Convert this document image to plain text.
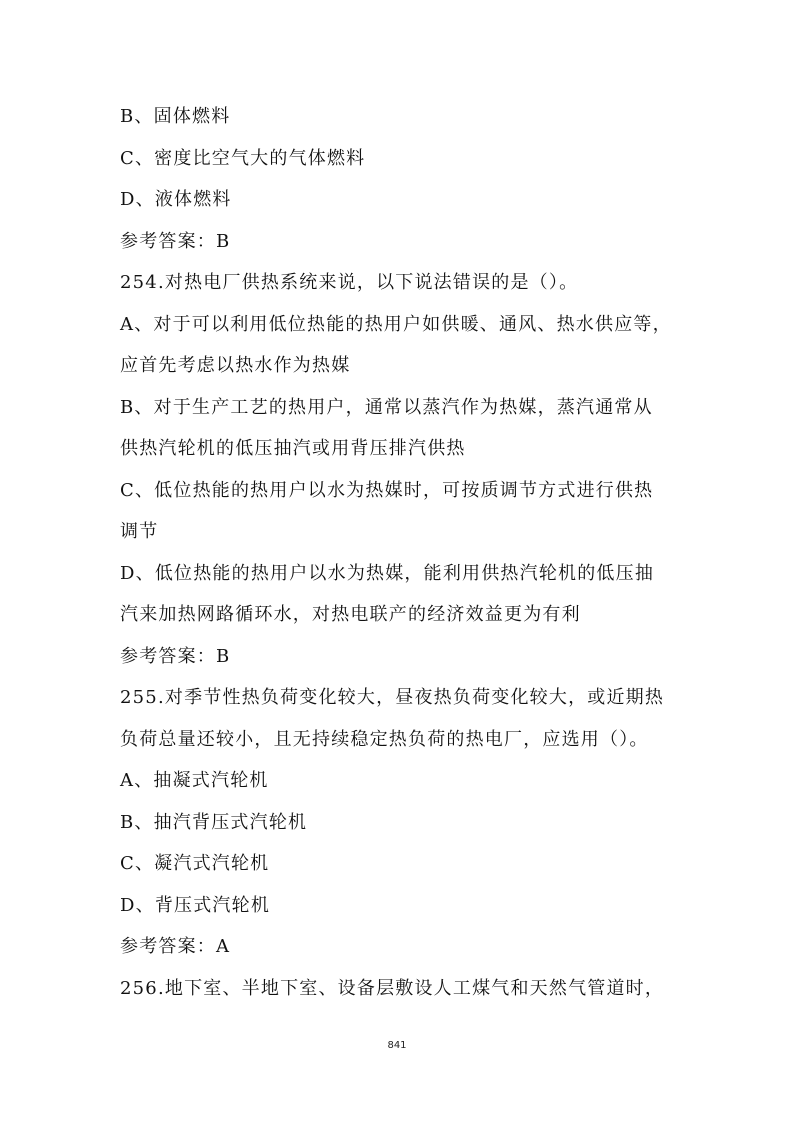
B、固体燃料
C、密度比空气大的气体燃料
D、液体燃料
参考答案：B
254.对热电厂供热系统来说，以下说法错误的是（）。
A、对于可以利用低位热能的热用户如供暖、通风、热水供应等，
应首先考虑以热水作为热媒
B、对于生产工艺的热用户，通常以蒸汽作为热媒，蒸汽通常从
供热汽轮机的低压抽汽或用背压排汽供热
C、低位热能的热用户以水为热媒时，可按质调节方式进行供热
调节
D、低位热能的热用户以水为热媒，能利用供热汽轮机的低压抽
汽来加热网路循环水，对热电联产的经济效益更为有利
参考答案：B
255.对季节性热负荷变化较大，昼夜热负荷变化较大，或近期热
负荷总量还较小，且无持续稳定热负荷的热电厂，应选用（）。
A、抽凝式汽轮机
B、抽汽背压式汽轮机
C、凝汽式汽轮机
D、背压式汽轮机
参考答案：A
256.地下室、半地下室、设备层敷设人工煤气和天然气管道时，
841
